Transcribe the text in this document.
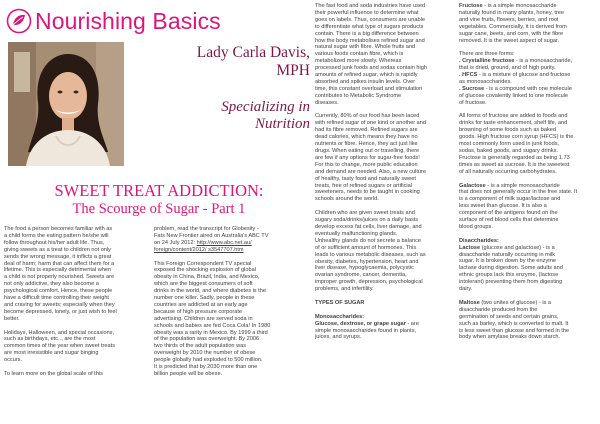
Nourishing Basics
Lady Carla Davis,
MPH
Specializing in
Nutrition
SWEET TREAT ADDICTION:
The Scourge of Sugar - Part 1

The food a person becomes familiar with as
a child forms the eating pattern he/she will
follow throughout his/her adult life. Thus,
giving sweets as a treat to children not only
sends the wrong message, it inflicts a great
deal of harm; harm that can affect them for a
lifetime. This is especially detrimental when
a child is not properly nourished. Sweets are
not only addictive, they also become a
psychological comfort. Hence, these people
have a difficult time controlling their weight
and craving for sweets; especially when they
become depressed, lonely, or just wish to feel
better.

Holidays, Halloween, and special occasions,
such as birthdays, etc.., are the most
common times of the year when sweet treats
are most irresistible and sugar binging
occurs.

To learn more on the global scale of this

problem, read the transcript for Globesity -
Fats New Frontier aired on Australia's ABC TV
on 24 July 2012: http://www.abc.net.au/
foreign/content/2012/ s3547707.htm

This Foreign Correspondent TV special
exposed the shocking explosion of global
obesity in China, Brazil, India, and Mexico,
which are the biggest consumers of soft
drinks in the world, and where diabetes is the
number one killer. Sadly, people in these
countries are addicted at an early age
because of high pressure corporate
advertising. Children are served soda in
schools and babies are fed Coca Cola! In 1980
obesity was a rarity in Mexico. By 1999 a third
of the population was overweight. By 2006
two thirds of the adult population was
overweight by 2010 the number of obese
people globally had exploded to 500 million.
It is predicted that by 2030 more than one
billion people will be obese.

The fast food and soda industries have used
their powerful influence to determine what
goes on labels. Thus, consumers are unable
to differentiate what type of sugars products
contain. There is a big difference between
how the body metabolises refined sugar and
natural sugar with fibre. Whole fruits and
various foods contain fibre, which is
metabolized more slowly. Whereas
processed junk foods and sodas contain high
amounts of refined sugar, which is rapidly
absorbed and spikes insulin levels. Over
time, this constant overload and stimulation
contributes to Metabolic Syndrome
diseases.

Currently, 80% of our food has been laced
with refined sugar of one kind or another and
had its fibre removed. Refined sugars are
dead calories, which means they have no
nutrients or fibre. Hence, they act just like
drugs. When eating out or travelling, there
are few if any options for sugar-free foods!
For this to change, more public education
and demand are needed. Also, a new culture
of healthy, tasty food and naturally sweet
treats, free of refined sugars or artificial
sweeteners, needs to be taught in cooking
schools around the world.

Children who are given sweet treats and
sugary soda/drinks/juices on a daily basis
develop excess fat cells, liver damage, and
eventually malfunctioning glands.
Unhealthy glands do not secrete a balance
of or sufficient amount of hormones. This
leads to various metabolic diseases, such as
obesity, diabetes, hypertension, heart and
liver disease, hypoglycaemia, polycystic
ovarian syndrome, cancer, dementia,
improper growth, depression, psychological
problems, and infertility.

TYPES OF SUGAR
Monosaccharides:

Glucose, dextrose, or grape sugar - are
simple monosaccharides found in plants,
juices, and syrups.

Fructose - is a simple monosaccharide
naturally found in many plants, honey, tree
and vine fruits, flowers, berries, and root
vegetables. Commercially, it is derived from
sugar cane, beets, and corn, with the fibre
removed. It is the sweet aspect of sugar.

There are three forms:
. Crystalline fructose - is a monosaccharide,
that is dried, ground, and of high purity.
. HFCS - is a mixture of glucose and fructose
as monosaccharides.
. Sucrose - is a compound with one molecule
of glucose covalently linked to one molecule
of fructose.

All forms of fructose are added to foods and
drinks for taste enhancement, shelf life, and
browning of some foods such as baked
goods. High fructose corn syrup (HFCS) is the
most commonly form used in junk foods,
sodas, baked goods, and sugary drinks.
Fructose is generally regarded as being 1.73
times as sweet as sucrose. It is the sweetest
of all naturally occurring carbohydrates.

Galactose - is a simple monosaccharide
that does not generally occur in the free state. It
is a component of milk sugar/lactose and
less sweet than glucose. It is also a
component of the antigens found on the
surface of red blood cells that determine
blood groups.

Disaccharides:

Lactose (glucose and galactose) - is a
disaccharide naturally occurring in milk
sugar. It is broken down by the enzyme
lactase during digestion. Some adults and
ethnic groups lack this enzyme, (lactose
intolerant) preventing them from digesting
dairy.

Maltose (two unites of glucose) - is a
disaccharide produced from the
germination of seeds and certain grains,
such as barley, which is converted to malt. It
is less sweet than glucose and formed in the
body when amylase breaks down starch.
